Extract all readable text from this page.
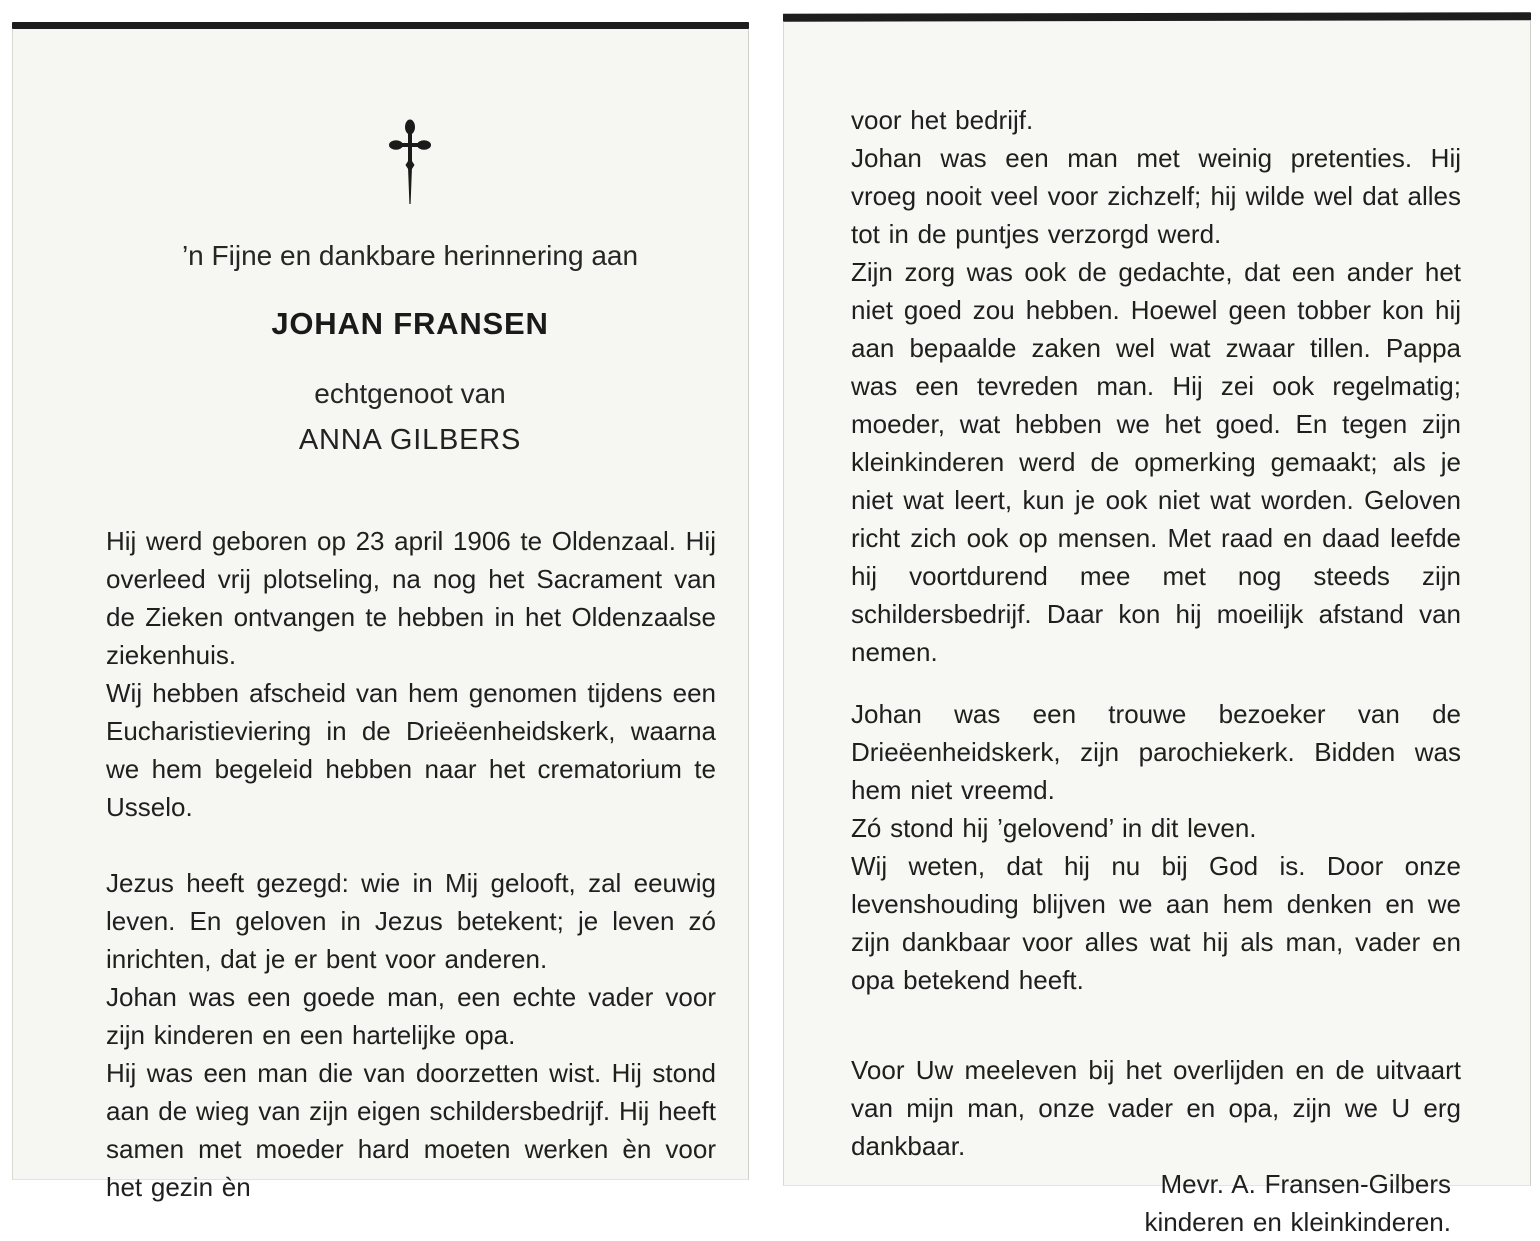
’n Fijne en dankbare herinnering aan
JOHAN FRANSEN
echtgenoot van
ANNA GILBERS

Hij werd geboren op 23 april 1906 te Oldenzaal. Hij overleed vrij plotseling, na nog het Sacrament van de Zieken ontvangen te hebben in het Oldenzaalse ziekenhuis.

Wij hebben afscheid van hem genomen tijdens een Eucharistieviering in de Drieëenheidskerk, waarna we hem begeleid hebben naar het crematorium te Usselo.

Jezus heeft gezegd: wie in Mij gelooft, zal eeuwig leven. En geloven in Jezus betekent; je leven zó inrichten, dat je er bent voor anderen.

Johan was een goede man, een echte vader voor zijn kinderen en een hartelijke opa.

Hij was een man die van doorzetten wist. Hij stond aan de wieg van zijn eigen schildersbedrijf. Hij heeft samen met moeder hard moeten werken èn voor het gezin èn

voor het bedrijf.

Johan was een man met weinig pretenties. Hij vroeg nooit veel voor zichzelf; hij wilde wel dat alles tot in de puntjes verzorgd werd.

Zijn zorg was ook de gedachte, dat een ander het niet goed zou hebben. Hoewel geen tobber kon hij aan bepaalde zaken wel wat zwaar tillen. Pappa was een tevreden man. Hij zei ook regelmatig; moeder, wat hebben we het goed. En tegen zijn kleinkinderen werd de opmerking gemaakt; als je niet wat leert, kun je ook niet wat worden. Geloven richt zich ook op mensen. Met raad en daad leefde hij voortdurend mee met nog steeds zijn schildersbedrijf. Daar kon hij moeilijk afstand van nemen.

Johan was een trouwe bezoeker van de Drieëenheidskerk, zijn parochiekerk. Bidden was hem niet vreemd.

Zó stond hij ’gelovend’ in dit leven.

Wij weten, dat hij nu bij God is. Door onze levenshouding blijven we aan hem denken en we zijn dankbaar voor alles wat hij als man, vader en opa betekend heeft.

Voor Uw meeleven bij het overlijden en de uitvaart van mijn man, onze vader en opa, zijn we U erg dankbaar.

Mevr. A. Fransen-Gilbers

kinderen en kleinkinderen.
